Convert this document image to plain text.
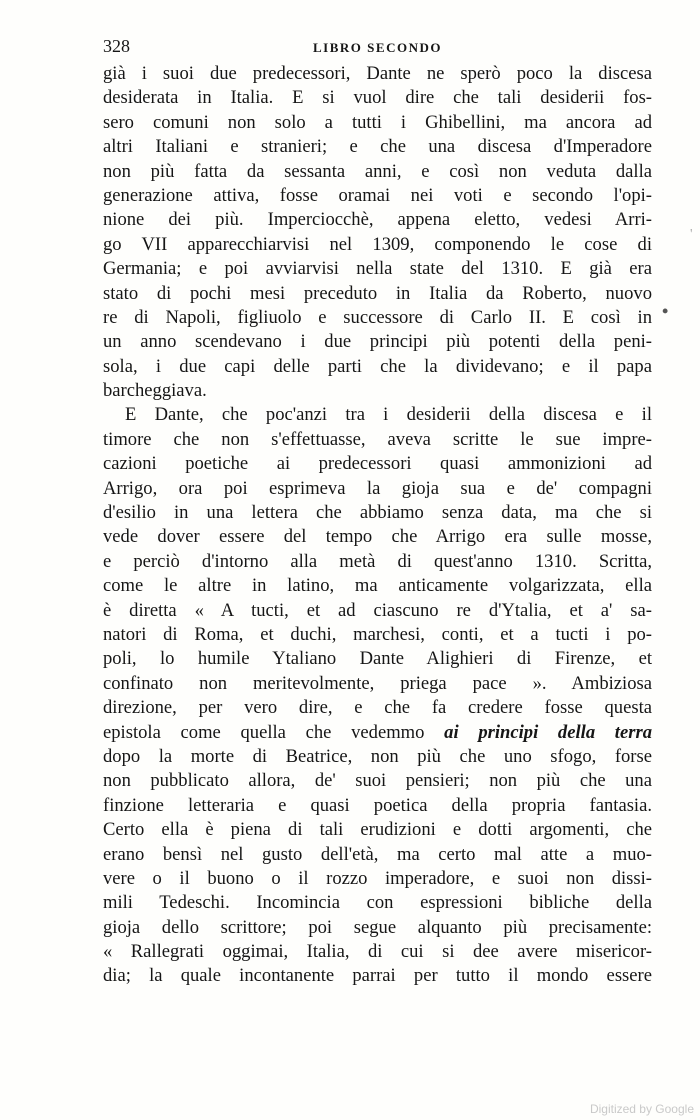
328	LIBRO SECONDO
già i suoi due predecessori, Dante ne sperò poco la discesa
desiderata in Italia. E si vuol dire che tali desiderii fos-
sero comuni non solo a tutti i Ghibellini, ma ancora ad
altri Italiani e stranieri; e che una discesa d'Imperadore
non più fatta da sessanta anni, e così non veduta dalla
generazione attiva, fosse oramai nei voti e secondo l'opi-
nione dei più. Imperciocchè, appena eletto, vedesi Arri-
go VII apparecchiarvisi nel 1309, componendo le cose di
Germania; e poi avviarvisi nella state del 1310. E già era
stato di pochi mesi preceduto in Italia da Roberto, nuovo
re di Napoli, figliuolo e successore di Carlo II. E così in
un anno scendevano i due principi più potenti della peni-
sola, i due capi delle parti che la dividevano; e il papa
barcheggiava.
E Dante, che poc'anzi tra i desiderii della discesa e il
timore che non s'effettuasse, aveva scritte le sue impre-
cazioni poetiche ai predecessori quasi ammonizioni ad
Arrigo, ora poi esprimeva la gioja sua e de' compagni
d'esilio in una lettera che abbiamo senza data, ma che si
vede dover essere del tempo che Arrigo era sulle mosse,
e perciò d'intorno alla metà di quest'anno 1310. Scritta,
come le altre in latino, ma anticamente volgarizzata, ella
è diretta « A tucti, et ad ciascuno re d'Ytalia, et a' sa-
natori di Roma, et duchi, marchesi, conti, et a tucti i po-
poli, lo humile Ytaliano Dante Alighieri di Firenze, et
confinato non meritevolmente, priega pace ». Ambiziosa
direzione, per vero dire, e che fa credere fosse questa
epistola come quella che vedemmo ai principi della terra
dopo la morte di Beatrice, non più che uno sfogo, forse
non pubblicato allora, de' suoi pensieri; non più che una
finzione letteraria e quasi poetica della propria fantasia.
Certo ella è piena di tali erudizioni e dotti argomenti, che
erano bensì nel gusto dell'età, ma certo mal atte a muo-
vere o il buono o il rozzo imperadore, e suoi non dissi-
mili Tedeschi. Incomincia con espressioni bibliche della
gioja dello scrittore; poi segue alquanto più precisamente:
« Rallegrati oggimai, Italia, di cui si dee avere misericor-
dia; la quale incontanente parrai per tutto il mondo essere
'
•
Digitized by Google
